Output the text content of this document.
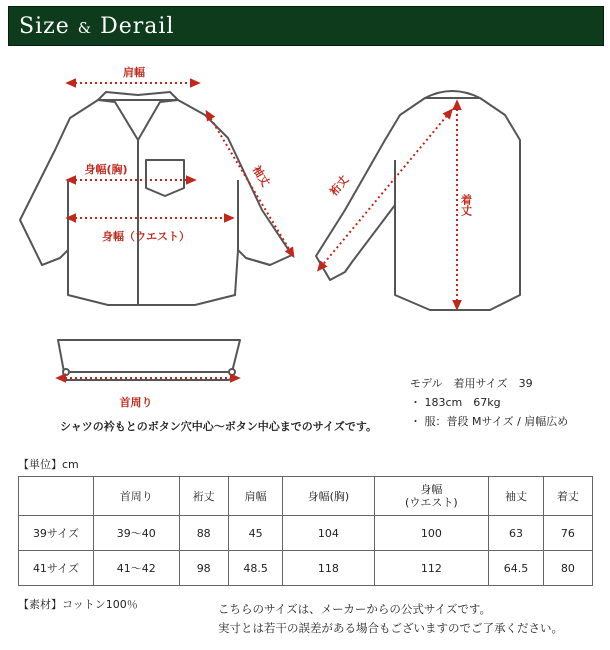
Size & Derail
肩幅
身幅(胸)
身幅（ウエスト）
袖丈	裄丈
着丈
首周り
シャツの衿もとのボタン穴中心～ボタン中心までのサイズです。
モデル　着用サイズ　39
・ 183cm　67kg
・ 服：普段 Mサイズ / 肩幅広め
【単位】cm
	首周り	裄丈	肩幅	身幅(胸)	身幅
(ウエスト)	袖丈	着丈
39サイズ	39～40	88	45	104	100	63	76
41サイズ	41～42	98	48.5	118	112	64.5	80
【素材】コットン100％	こちらのサイズは、メーカーからの公式サイズです。
実寸とは若干の誤差がある場合もございますのでご了承ください。
